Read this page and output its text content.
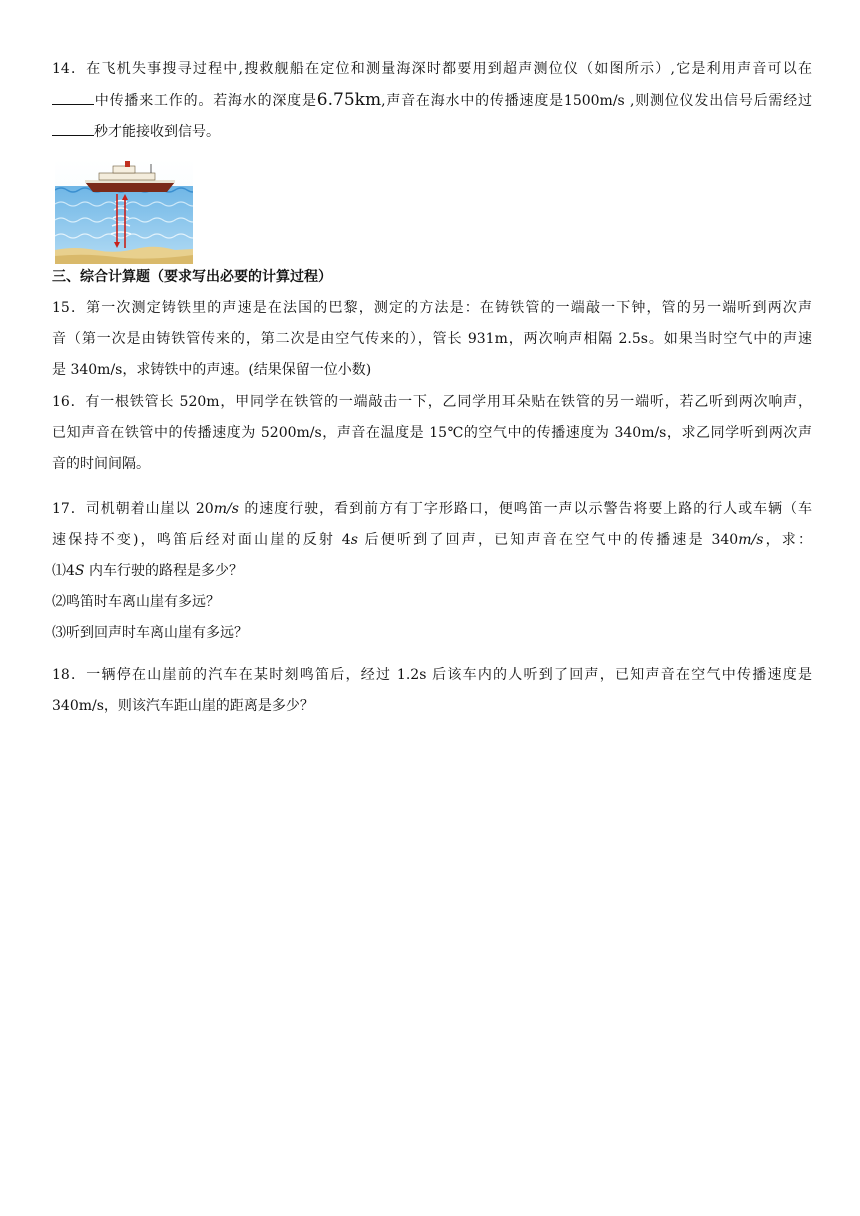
14．在飞机失事搜寻过程中,搜救舰船在定位和测量海深时都要用到超声测位仪（如图所示）,它是利用声音可以在
中传播来工作的。若海水的深度是6.75km,声音在海水中的传播速度是1500m/s ,则测位仪发出信号后需经过
秒才能接收到信号。
三、综合计算题（要求写出必要的计算过程）
15．第一次测定铸铁里的声速是在法国的巴黎，测定的方法是：在铸铁管的一端敲一下钟，管的另一端听到两次声
音（第一次是由铸铁管传来的，第二次是由空气传来的），管长 931m，两次响声相隔 2.5s。如果当时空气中的声速
是 340m/s，求铸铁中的声速。(结果保留一位小数)
16．有一根铁管长 520m，甲同学在铁管的一端敲击一下，乙同学用耳朵贴在铁管的另一端听，若乙听到两次响声，
已知声音在铁管中的传播速度为 5200m/s，声音在温度是 15℃的空气中的传播速度为 340m/s，求乙同学听到两次声
音的时间间隔。
17．司机朝着山崖以 20m/s 的速度行驶，看到前方有丁字形路口，便鸣笛一声以示警告将要上路的行人或车辆（车
速保持不变)，鸣笛后经对面山崖的反射 4s 后便听到了回声，已知声音在空气中的传播速是 340m/s，求：
⑴4S 内车行驶的路程是多少？
⑵鸣笛时车离山崖有多远？
⑶听到回声时车离山崖有多远？
18．一辆停在山崖前的汽车在某时刻鸣笛后，经过 1.2s 后该车内的人听到了回声，已知声音在空气中传播速度是
340m/s，则该汽车距山崖的距离是多少？
